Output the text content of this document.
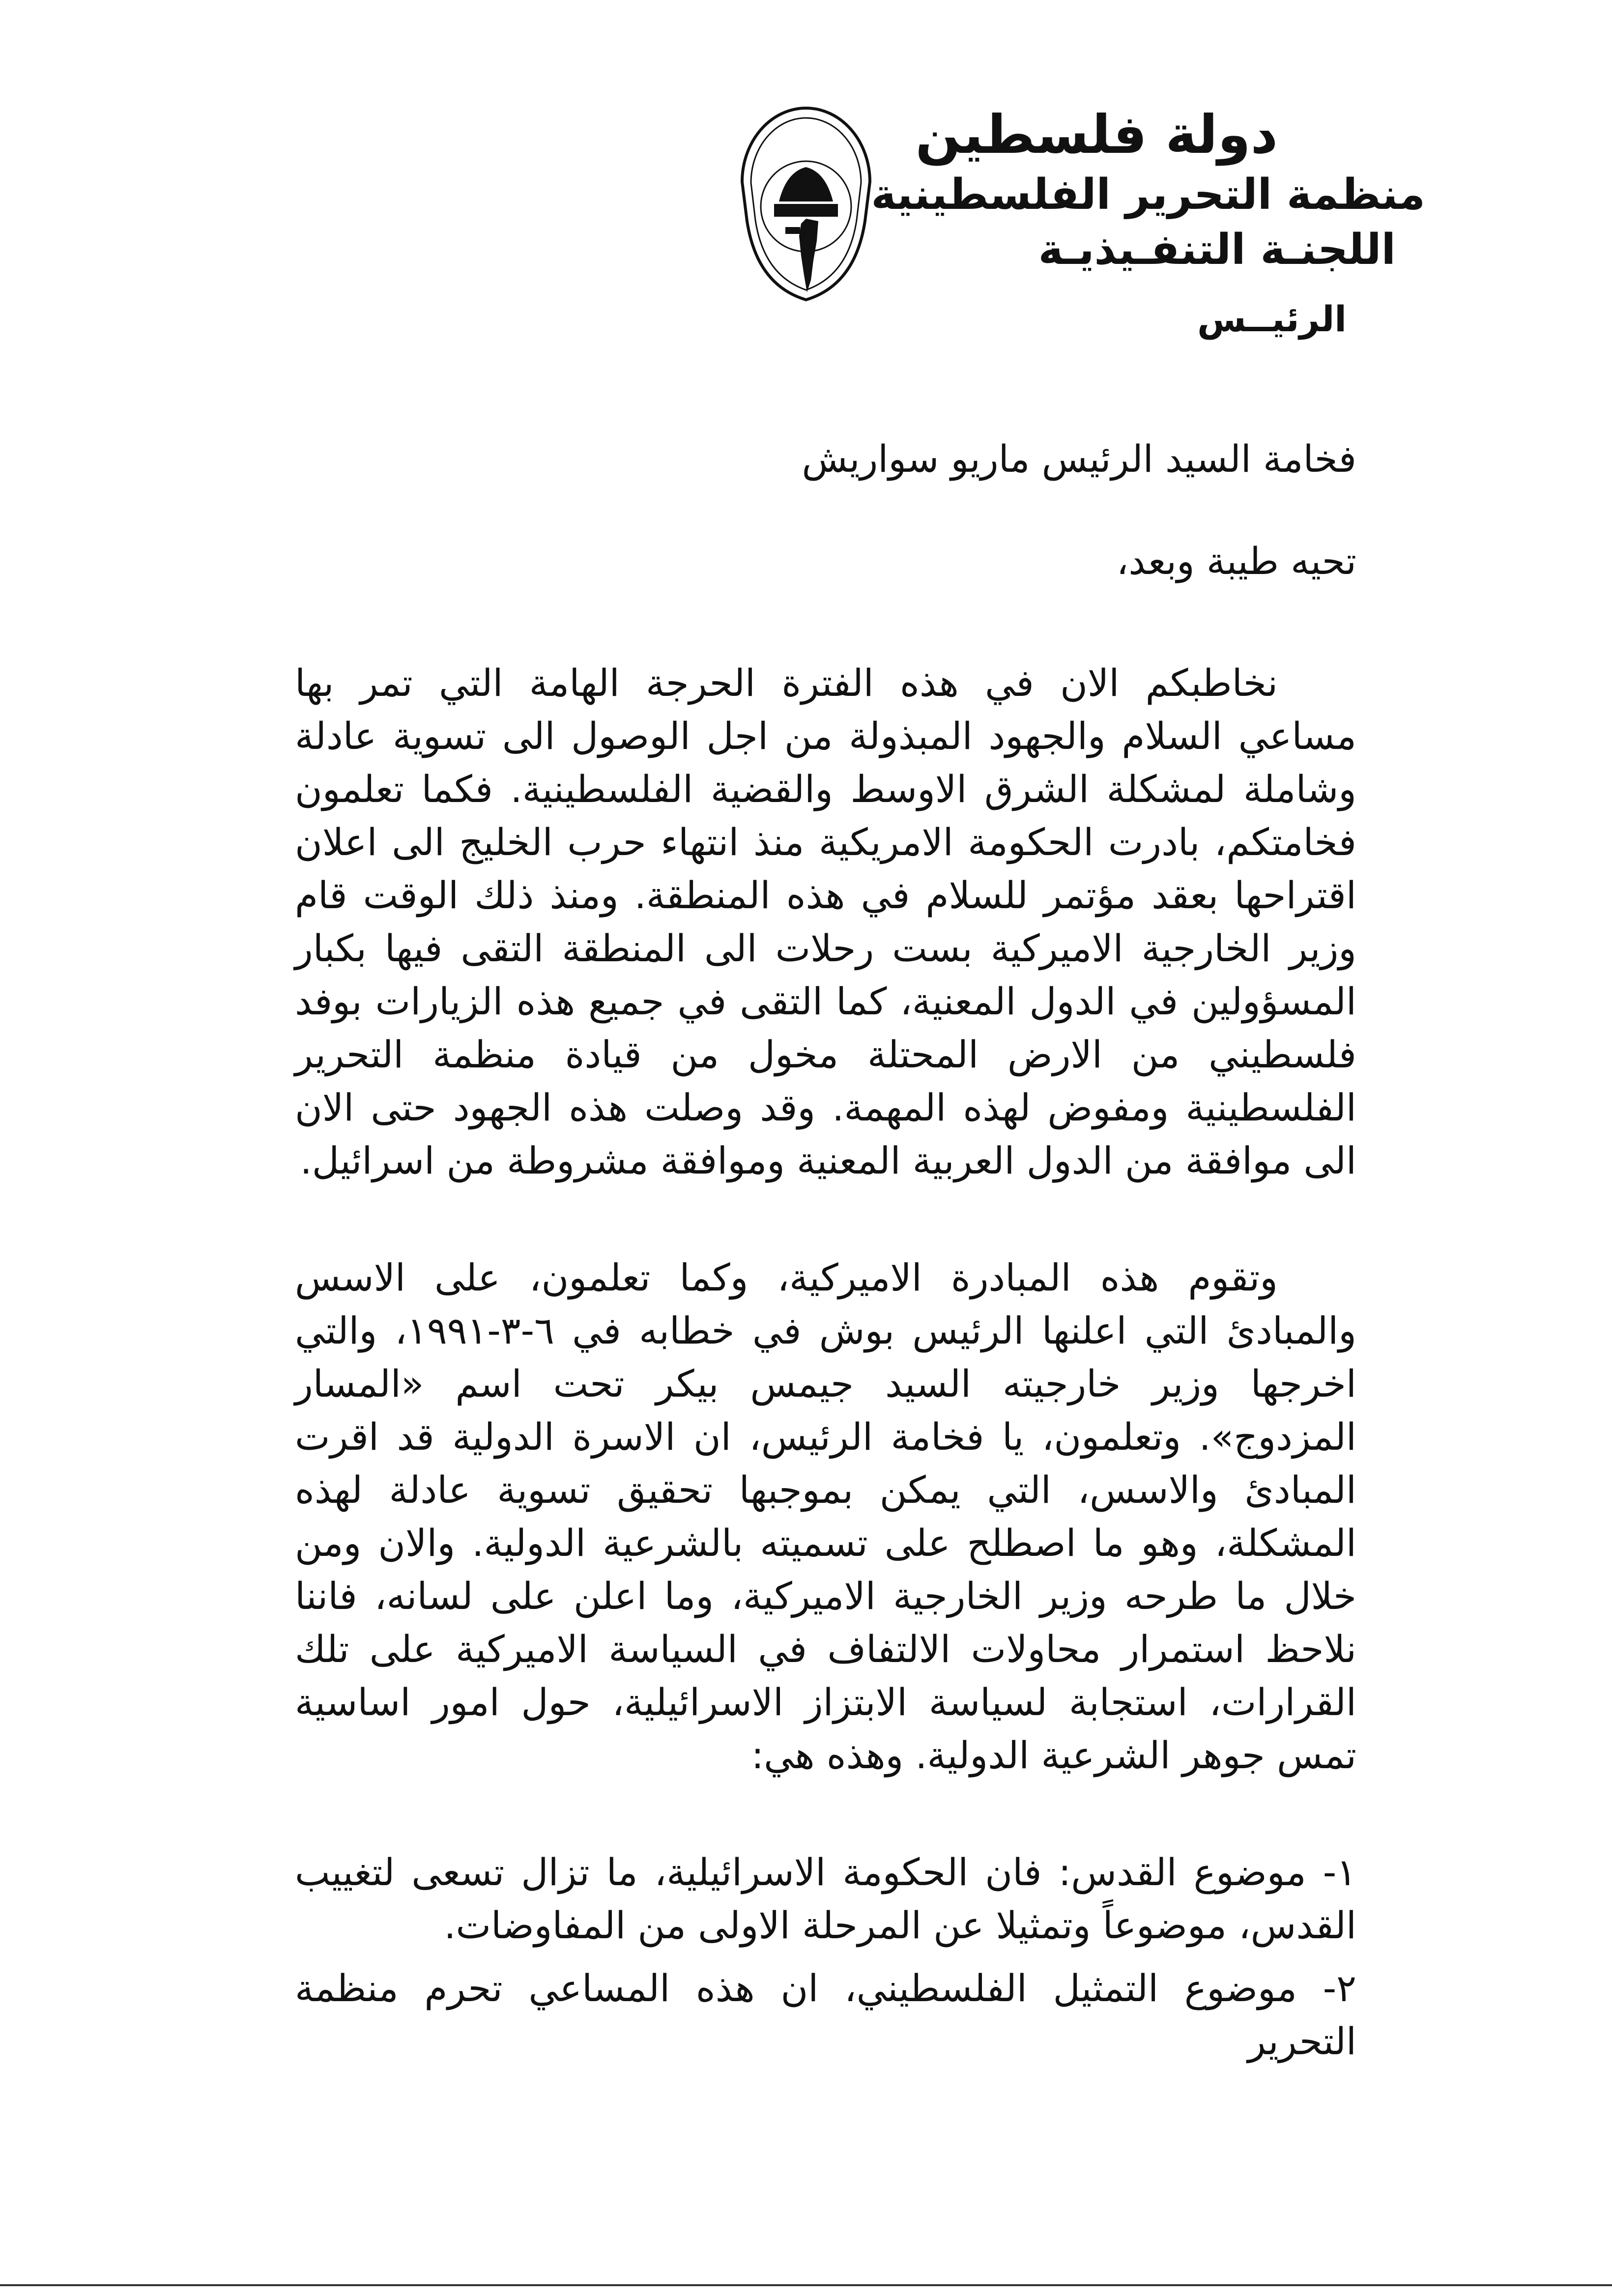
دولة فلسطين
منظمة التحرير الفلسطينية
اللجنـة التنفـيذيـة
الرئيــس

فخامة السيد الرئيس ماريو سواريش

تحيه طيبة وبعد،

نخاطبكم الان في هذه الفترة الحرجة الهامة التي تمر بها مساعي السلام والجهود المبذولة من اجل الوصول الى تسوية عادلة وشاملة لمشكلة الشرق الاوسط والقضية الفلسطينية. فكما تعلمون فخامتكم، بادرت الحكومة الامريكية منذ انتهاء حرب الخليج الى اعلان اقتراحها بعقد مؤتمر للسلام في هذه المنطقة. ومنذ ذلك الوقت قام وزير الخارجية الاميركية بست رحلات الى المنطقة التقى فيها بكبار المسؤولين في الدول المعنية، كما التقى في جميع هذه الزيارات بوفد فلسطيني من الارض المحتلة مخول من قيادة منظمة التحرير الفلسطينية ومفوض لهذه المهمة. وقد وصلت هذه الجهود حتى الان الى موافقة من الدول العربية المعنية وموافقة مشروطة من اسرائيل.

وتقوم هذه المبادرة الاميركية، وكما تعلمون، على الاسس والمبادئ التي اعلنها الرئيس بوش في خطابه في ٦-٣-١٩٩١، والتي اخرجها وزير خارجيته السيد جيمس بيكر تحت اسم «المسار المزدوج». وتعلمون، يا فخامة الرئيس، ان الاسرة الدولية قد اقرت المبادئ والاسس، التي يمكن بموجبها تحقيق تسوية عادلة لهذه المشكلة، وهو ما اصطلح على تسميته بالشرعية الدولية. والان ومن خلال ما طرحه وزير الخارجية الاميركية، وما اعلن على لسانه، فاننا نلاحظ استمرار محاولات الالتفاف في السياسة الاميركية على تلك القرارات، استجابة لسياسة الابتزاز الاسرائيلية، حول امور اساسية تمس جوهر الشرعية الدولية. وهذه هي:

١- موضوع القدس: فان الحكومة الاسرائيلية، ما تزال تسعى لتغييب القدس، موضوعاً وتمثيلا عن المرحلة الاولى من المفاوضات.

٢- موضوع التمثيل الفلسطيني، ان هذه المساعي تحرم منظمة التحرير
